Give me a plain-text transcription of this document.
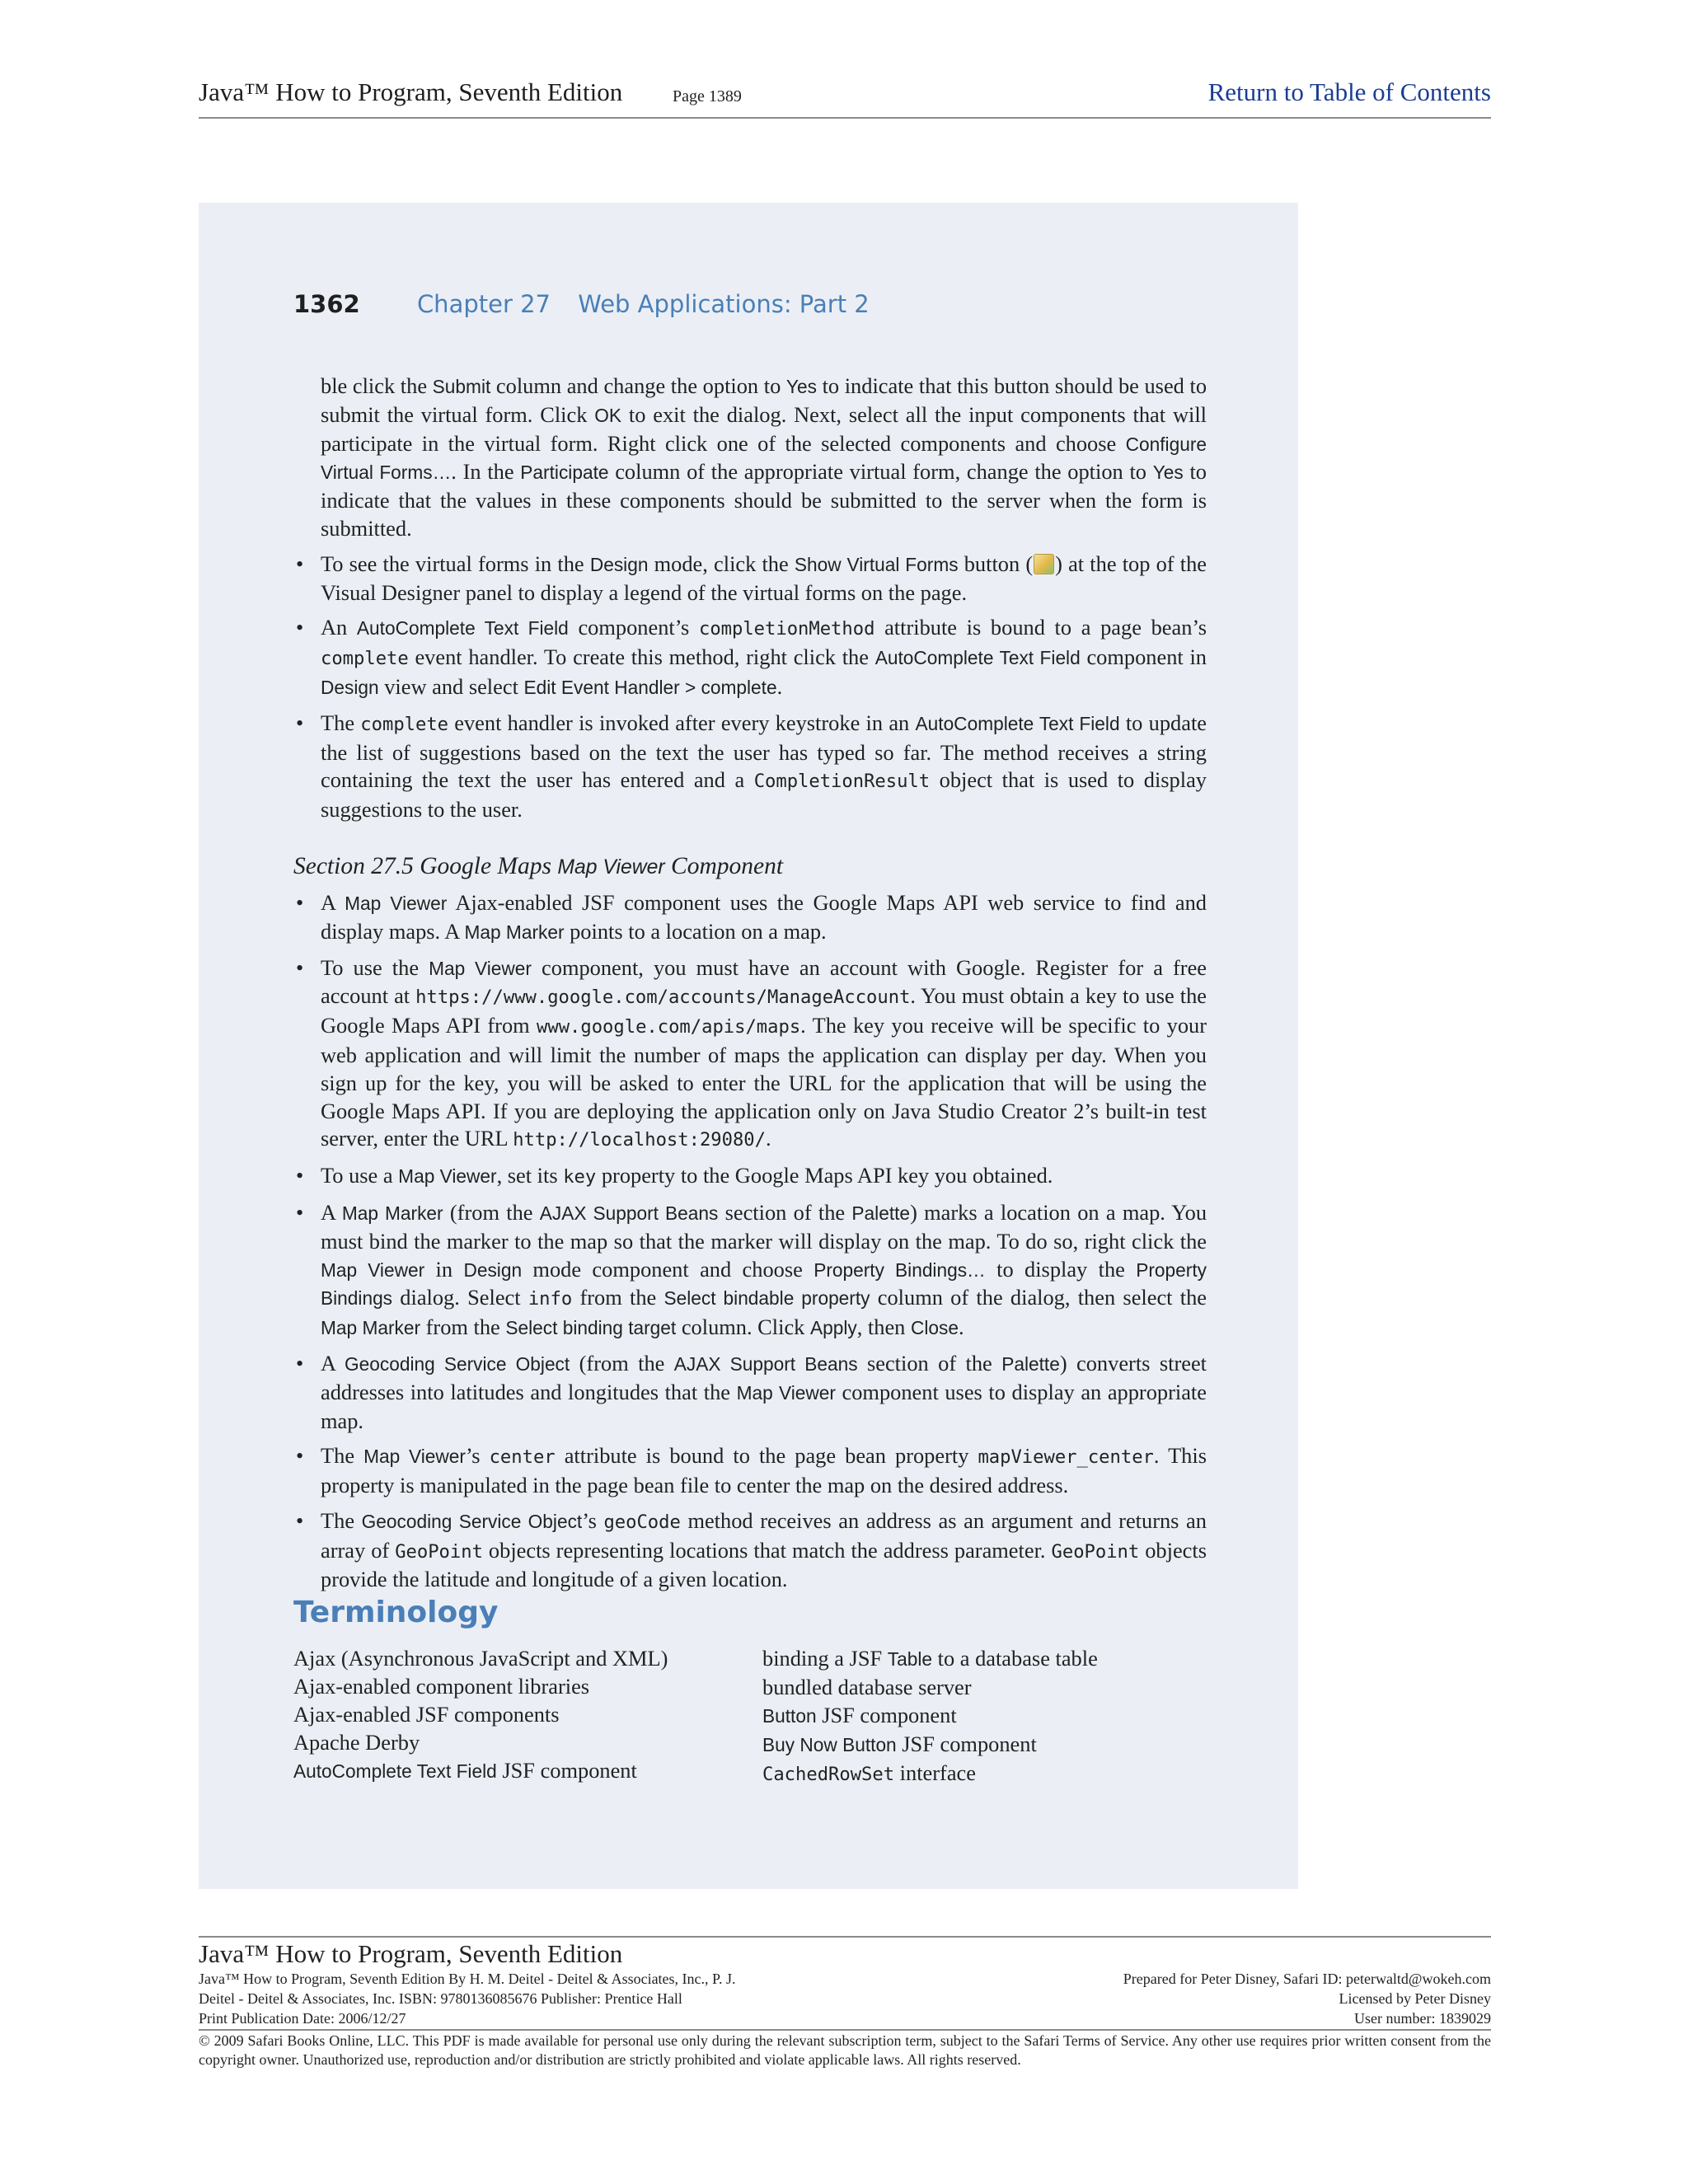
Java™ How to Program, Seventh Edition	Page 1389	Return to Table of Contents
1362 Chapter 27 Web Applications: Part 2

ble click the Submit column and change the option to Yes to indicate that this button should be used to submit the virtual form. Click OK to exit the dialog. Next, select all the input components that will participate in the virtual form. Right click one of the selected components and choose Configure Virtual Forms…. In the Participate column of the appropriate virtual form, change the option to Yes to indicate that the values in these components should be submitted to the server when the form is submitted.

• To see the virtual forms in the Design mode, click the Show Virtual Forms button ( ) at the top of the Visual Designer panel to display a legend of the virtual forms on the page.
• An AutoComplete Text Field component’s completionMethod attribute is bound to a page bean’s complete event handler. To create this method, right click the AutoComplete Text Field component in Design view and select Edit Event Handler > complete.
• The complete event handler is invoked after every keystroke in an AutoComplete Text Field to update the list of suggestions based on the text the user has typed so far. The method receives a string containing the text the user has entered and a CompletionResult object that is used to display suggestions to the user.

Section 27.5 Google Maps Map Viewer Component

• A Map Viewer Ajax-enabled JSF component uses the Google Maps API web service to find and display maps. A Map Marker points to a location on a map.
• To use the Map Viewer component, you must have an account with Google. Register for a free account at https://www.google.com/accounts/ManageAccount. You must obtain a key to use the Google Maps API from www.google.com/apis/maps. The key you receive will be specific to your web application and will limit the number of maps the application can display per day. When you sign up for the key, you will be asked to enter the URL for the application that will be using the Google Maps API. If you are deploying the application only on Java Studio Creator 2’s built-in test server, enter the URL http://localhost:29080/.
• To use a Map Viewer, set its key property to the Google Maps API key you obtained.
• A Map Marker (from the AJAX Support Beans section of the Palette) marks a location on a map. You must bind the marker to the map so that the marker will display on the map. To do so, right click the Map Viewer in Design mode component and choose Property Bindings… to display the Property Bindings dialog. Select info from the Select bindable property column of the dialog, then select the Map Marker from the Select binding target column. Click Apply, then Close.
• A Geocoding Service Object (from the AJAX Support Beans section of the Palette) converts street addresses into latitudes and longitudes that the Map Viewer component uses to display an appropriate map.
• The Map Viewer’s center attribute is bound to the page bean property mapViewer_center. This property is manipulated in the page bean file to center the map on the desired address.
• The Geocoding Service Object’s geoCode method receives an address as an argument and returns an array of GeoPoint objects representing locations that match the address parameter. GeoPoint objects provide the latitude and longitude of a given location.
Terminology
Ajax (Asynchronous JavaScript and XML)
Ajax-enabled component libraries
Ajax-enabled JSF components
Apache Derby
AutoComplete Text Field JSF component
binding a JSF Table to a database table
bundled database server
Button JSF component
Buy Now Button JSF component
CachedRowSet interface
Java™ How to Program, Seventh Edition
Java™ How to Program, Seventh Edition By H. M. Deitel - Deitel & Associates, Inc., P. J.	Prepared for Peter Disney, Safari ID: peterwaltd@wokeh.com
Deitel - Deitel & Associates, Inc. ISBN: 9780136085676 Publisher: Prentice Hall	Licensed by Peter Disney
Print Publication Date: 2006/12/27	User number: 1839029
© 2009 Safari Books Online, LLC. This PDF is made available for personal use only during the relevant subscription term, subject to the Safari Terms of Service. Any other use requires prior written consent from the copyright owner. Unauthorized use, reproduction and/or distribution are strictly prohibited and violate applicable laws. All rights reserved.
